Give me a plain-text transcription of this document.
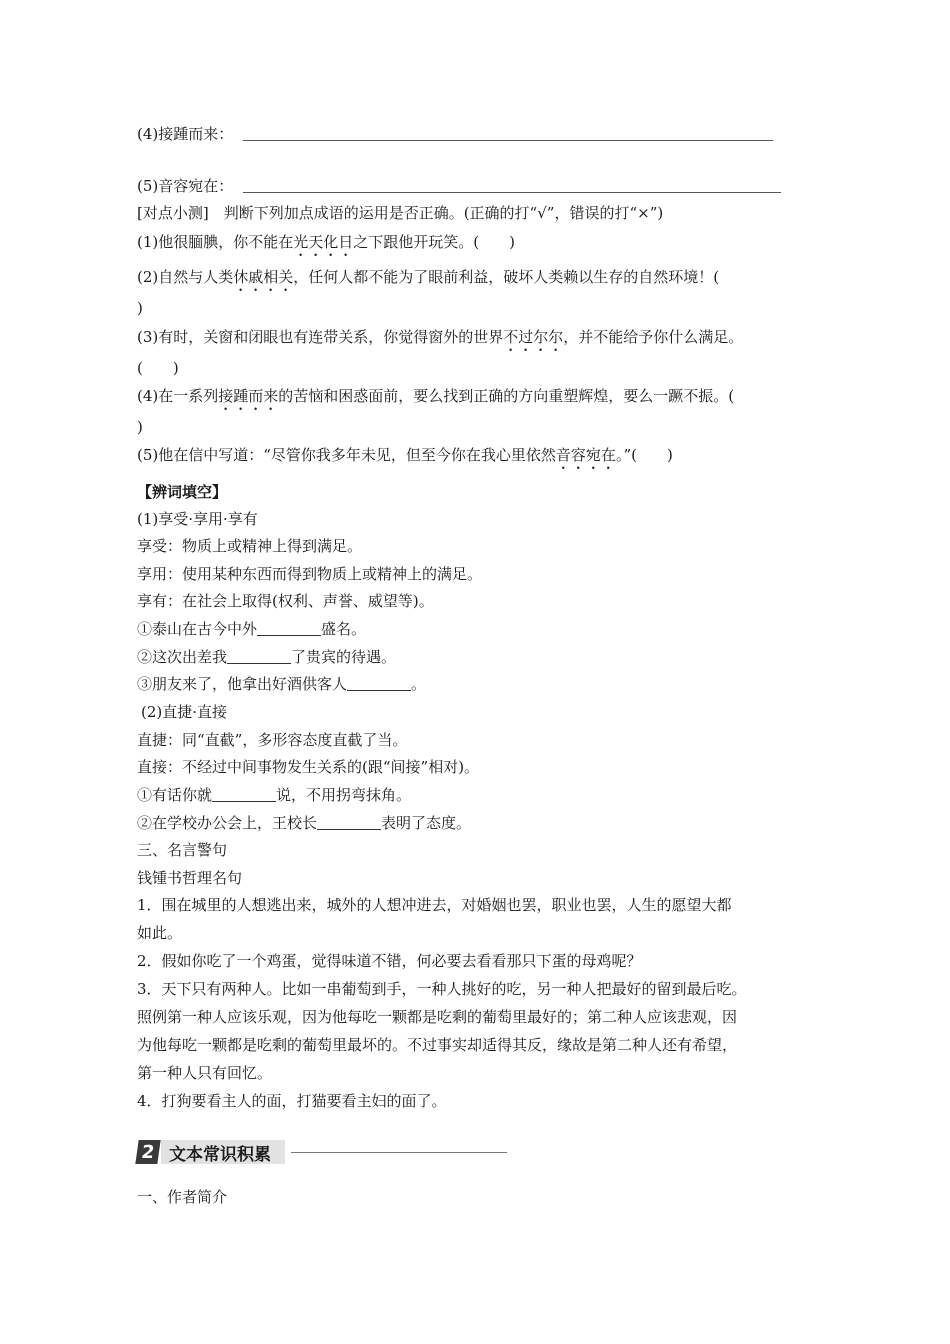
(4)接踵而来：
(5)音容宛在：
[对点小测]　判断下列加点成语的运用是否正确。(正确的打“√”，错误的打“×”)
(1)他很腼腆，你不能在光天化日之下跟他开玩笑。(　　)
(2)自然与人类休戚相关，任何人都不能为了眼前利益，破坏人类赖以生存的自然环境！(
)
(3)有时，关窗和闭眼也有连带关系，你觉得窗外的世界不过尔尔，并不能给予你什么满足。
(　　)
(4)在一系列接踵而来的苦恼和困惑面前，要么找到正确的方向重塑辉煌，要么一蹶不振。(
)
(5)他在信中写道：“尽管你我多年未见，但至今你在我心里依然音容宛在。”(　　)
【辨词填空】
(1)享受·享用·享有
享受：物质上或精神上得到满足。
享用：使用某种东西而得到物质上或精神上的满足。
享有：在社会上取得(权利、声誉、威望等)。
①泰山在古今中外	盛名。
②这次出差我	了贵宾的待遇。
③朋友来了，他拿出好酒供客人	。
(2)直捷·直接
直捷：同“直截”，多形容态度直截了当。
直接：不经过中间事物发生关系的(跟“间接”相对)。
①有话你就	说，不用拐弯抹角。
②在学校办公会上，王校长	表明了态度。
三、名言警句
钱锺书哲理名句
1．围在城里的人想逃出来，城外的人想冲进去，对婚姻也罢，职业也罢，人生的愿望大都
如此。
2．假如你吃了一个鸡蛋，觉得味道不错，何必要去看看那只下蛋的母鸡呢？
3．天下只有两种人。比如一串葡萄到手，一种人挑好的吃，另一种人把最好的留到最后吃。
照例第一种人应该乐观，因为他每吃一颗都是吃剩的葡萄里最好的；第二种人应该悲观，因
为他每吃一颗都是吃剩的葡萄里最坏的。不过事实却适得其反，缘故是第二种人还有希望，
第一种人只有回忆。
4．打狗要看主人的面，打猫要看主妇的面了。
2 文本常识积累
一、作者简介
